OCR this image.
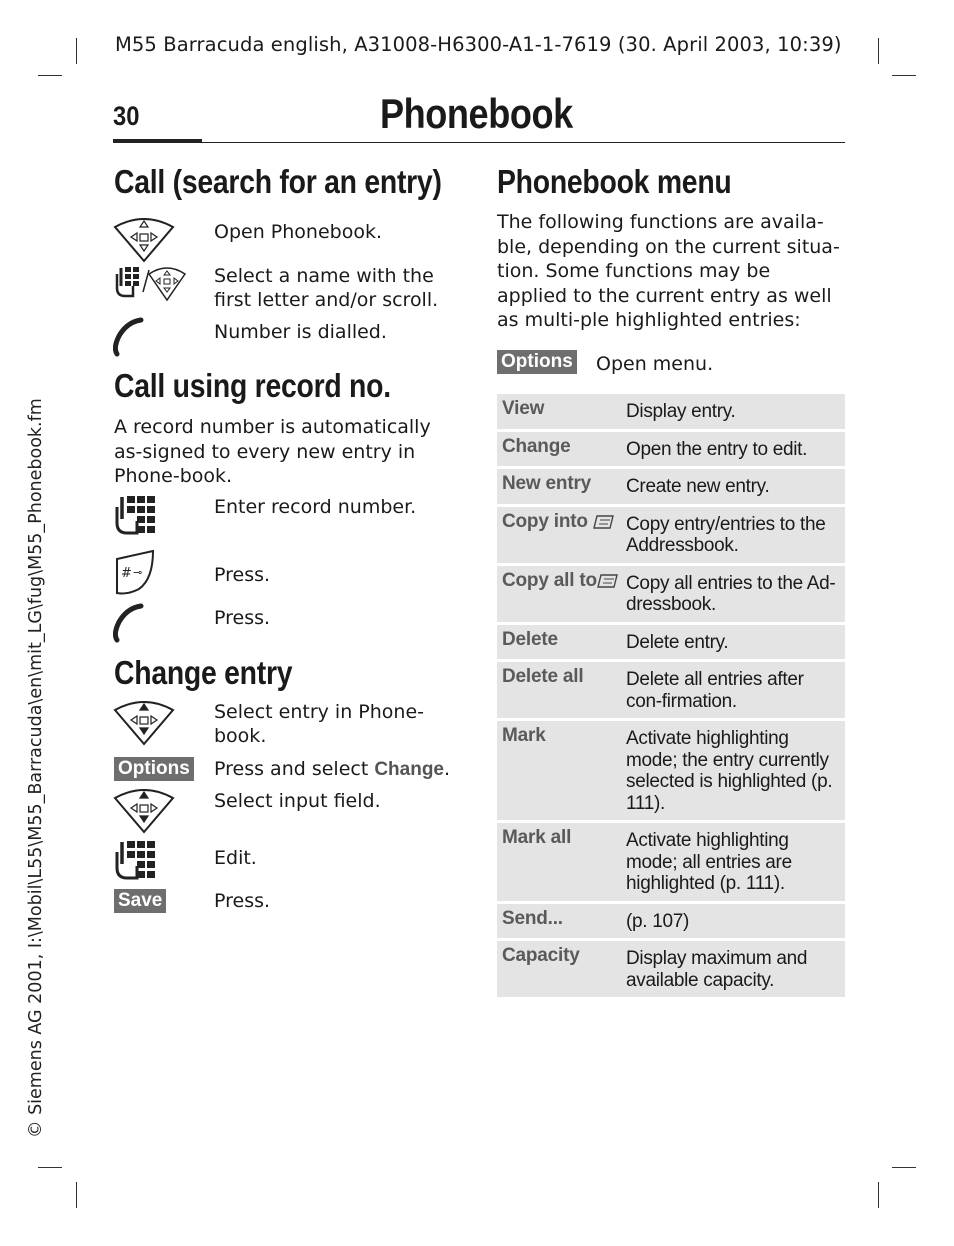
M55 Barracuda english, A31008-H6300-A1-1-7619 (30. April 2003, 10:39)
30	Phonebook
© Siemens AG 2001, I:\Mobil\L55\M55_Barracuda\en\mit_LG\fug\M55_Phonebook.fm
Call (search for an entry)
Open Phonebook.
Select a name with the first letter and/or scroll.
Number is dialled.
Call using record no.
A record number is automatically as-signed to every new entry in Phone-book.
Enter record number.
# ⊸	Press.
Press.
Change entry
Select entry in Phone-book.
Options Press and select Change.
Select input field.
Edit.
Save	Press.
Phonebook menu
The following functions are availa-ble, depending on the current situa-tion. Some functions may be applied to the current entry as well as multi-ple highlighted entries:
Options Open menu.
View	Display entry.
Change	Open the entry to edit.
New entry	Create new entry.
Copy into	Copy entry/entries to the Addressbook.
Copy all to	Copy all entries to the Ad-dressbook.
Delete	Delete entry.
Delete all	Delete all entries after con-firmation.
Mark	Activate highlighting mode; the entry currently selected is highlighted (p. 111).
Mark all	Activate highlighting mode; all entries are highlighted (p. 111).
Send...	(p. 107)
Capacity	Display maximum and available capacity.
